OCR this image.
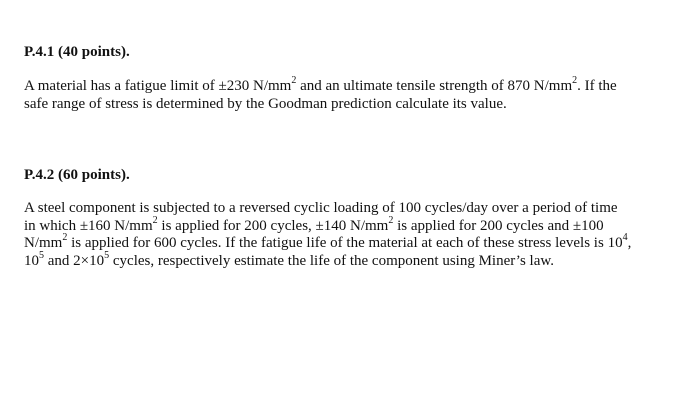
P.4.1 (40 points).
A material has a fatigue limit of ±230 $N/mm^2$ and an ultimate tensile strength of 870 $N/mm^2$. If the
safe range of stress is determined by the Goodman prediction calculate its value.
P.4.2 (60 points).
A steel component is subjected to a reversed cyclic loading of 100 cycles/day over a period of time
in which ±160 $N/mm^2$ is applied for 200 cycles, ±140 $N/mm^2$ is applied for 200 cycles and ±100
$N/mm^2$ is applied for 600 cycles. If the fatigue life of the material at each of these stress levels is $10^4$,
$10^5$ and $2\times 10^5$ cycles, respectively estimate the life of the component using Miner’s law.
